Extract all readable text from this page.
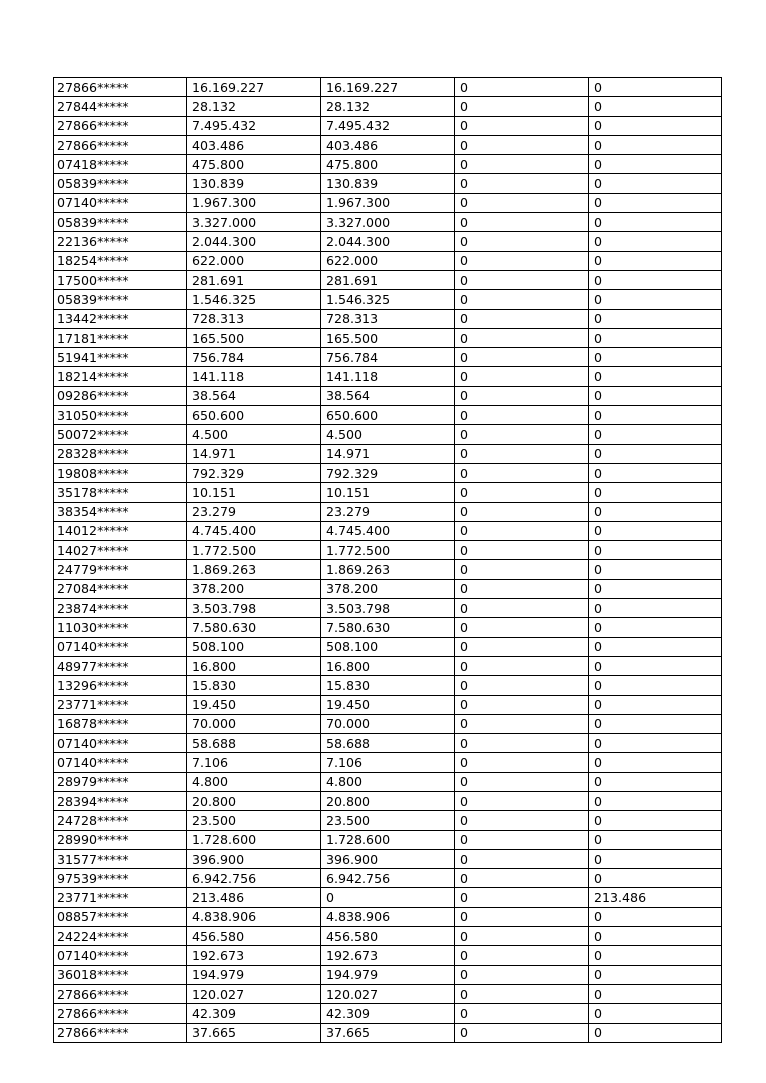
27866*****	16.169.227	16.169.227	0	0
27844*****	28.132	28.132	0	0
27866*****	7.495.432	7.495.432	0	0
27866*****	403.486	403.486	0	0
07418*****	475.800	475.800	0	0
05839*****	130.839	130.839	0	0
07140*****	1.967.300	1.967.300	0	0
05839*****	3.327.000	3.327.000	0	0
22136*****	2.044.300	2.044.300	0	0
18254*****	622.000	622.000	0	0
17500*****	281.691	281.691	0	0
05839*****	1.546.325	1.546.325	0	0
13442*****	728.313	728.313	0	0
17181*****	165.500	165.500	0	0
51941*****	756.784	756.784	0	0
18214*****	141.118	141.118	0	0
09286*****	38.564	38.564	0	0
31050*****	650.600	650.600	0	0
50072*****	4.500	4.500	0	0
28328*****	14.971	14.971	0	0
19808*****	792.329	792.329	0	0
35178*****	10.151	10.151	0	0
38354*****	23.279	23.279	0	0
14012*****	4.745.400	4.745.400	0	0
14027*****	1.772.500	1.772.500	0	0
24779*****	1.869.263	1.869.263	0	0
27084*****	378.200	378.200	0	0
23874*****	3.503.798	3.503.798	0	0
11030*****	7.580.630	7.580.630	0	0
07140*****	508.100	508.100	0	0
48977*****	16.800	16.800	0	0
13296*****	15.830	15.830	0	0
23771*****	19.450	19.450	0	0
16878*****	70.000	70.000	0	0
07140*****	58.688	58.688	0	0
07140*****	7.106	7.106	0	0
28979*****	4.800	4.800	0	0
28394*****	20.800	20.800	0	0
24728*****	23.500	23.500	0	0
28990*****	1.728.600	1.728.600	0	0
31577*****	396.900	396.900	0	0
97539*****	6.942.756	6.942.756	0	0
23771*****	213.486	0	0	213.486
08857*****	4.838.906	4.838.906	0	0
24224*****	456.580	456.580	0	0
07140*****	192.673	192.673	0	0
36018*****	194.979	194.979	0	0
27866*****	120.027	120.027	0	0
27866*****	42.309	42.309	0	0
27866*****	37.665	37.665	0	0
